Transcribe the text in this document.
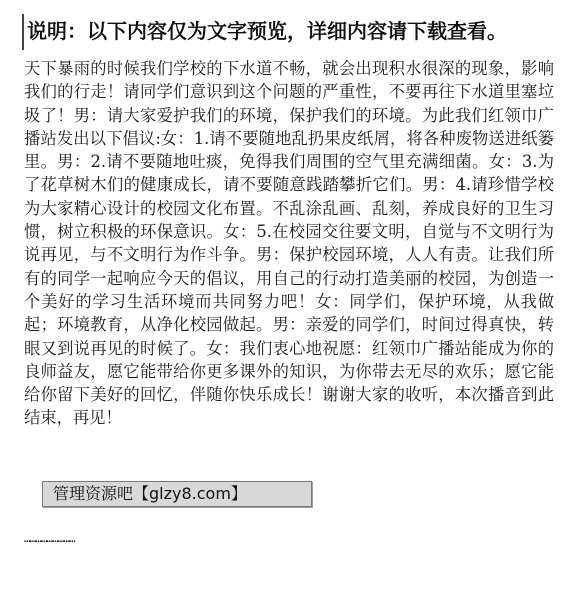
说明：以下内容仅为文字预览，详细内容请下载查看。
天下暴雨的时候我们学校的下水道不畅，就会出现积水很深的现象，影响我们的行走！请同学们意识到这个问题的严重性，不要再往下水道里塞垃圾了！男：请大家爱护我们的环境，保护我们的环境。为此我们红领巾广播站发出以下倡议:女：1.请不要随地乱扔果皮纸屑，将各种废物送进纸篓里。男：2.请不要随地吐痰，免得我们周围的空气里充满细菌。女：3.为了花草树木们的健康成长，请不要随意践踏攀折它们。男：4.请珍惜学校为大家精心设计的校园文化布置。不乱涂乱画、乱刻，养成良好的卫生习惯，树立积极的环保意识。女：5.在校园交往要文明，自觉与不文明行为说再见，与不文明行为作斗争。男：保护校园环境，人人有责。让我们所有的同学一起响应今天的倡议，用自己的行动打造美丽的校园，为创造一个美好的学习生活环境而共同努力吧！女：同学们，保护环境，从我做起；环境教育，从净化校园做起。男：亲爱的同学们，时间过得真快，转眼又到说再见的时候了。女：我们衷心地祝愿：红领巾广播站能成为你的良师益友，愿它能带给你更多课外的知识，为你带去无尽的欢乐；愿它能给你留下美好的回忆，伴随你快乐成长！谢谢大家的收听，本次播音到此结束，再见！
………………………
管理资源吧【glzy8.com】
